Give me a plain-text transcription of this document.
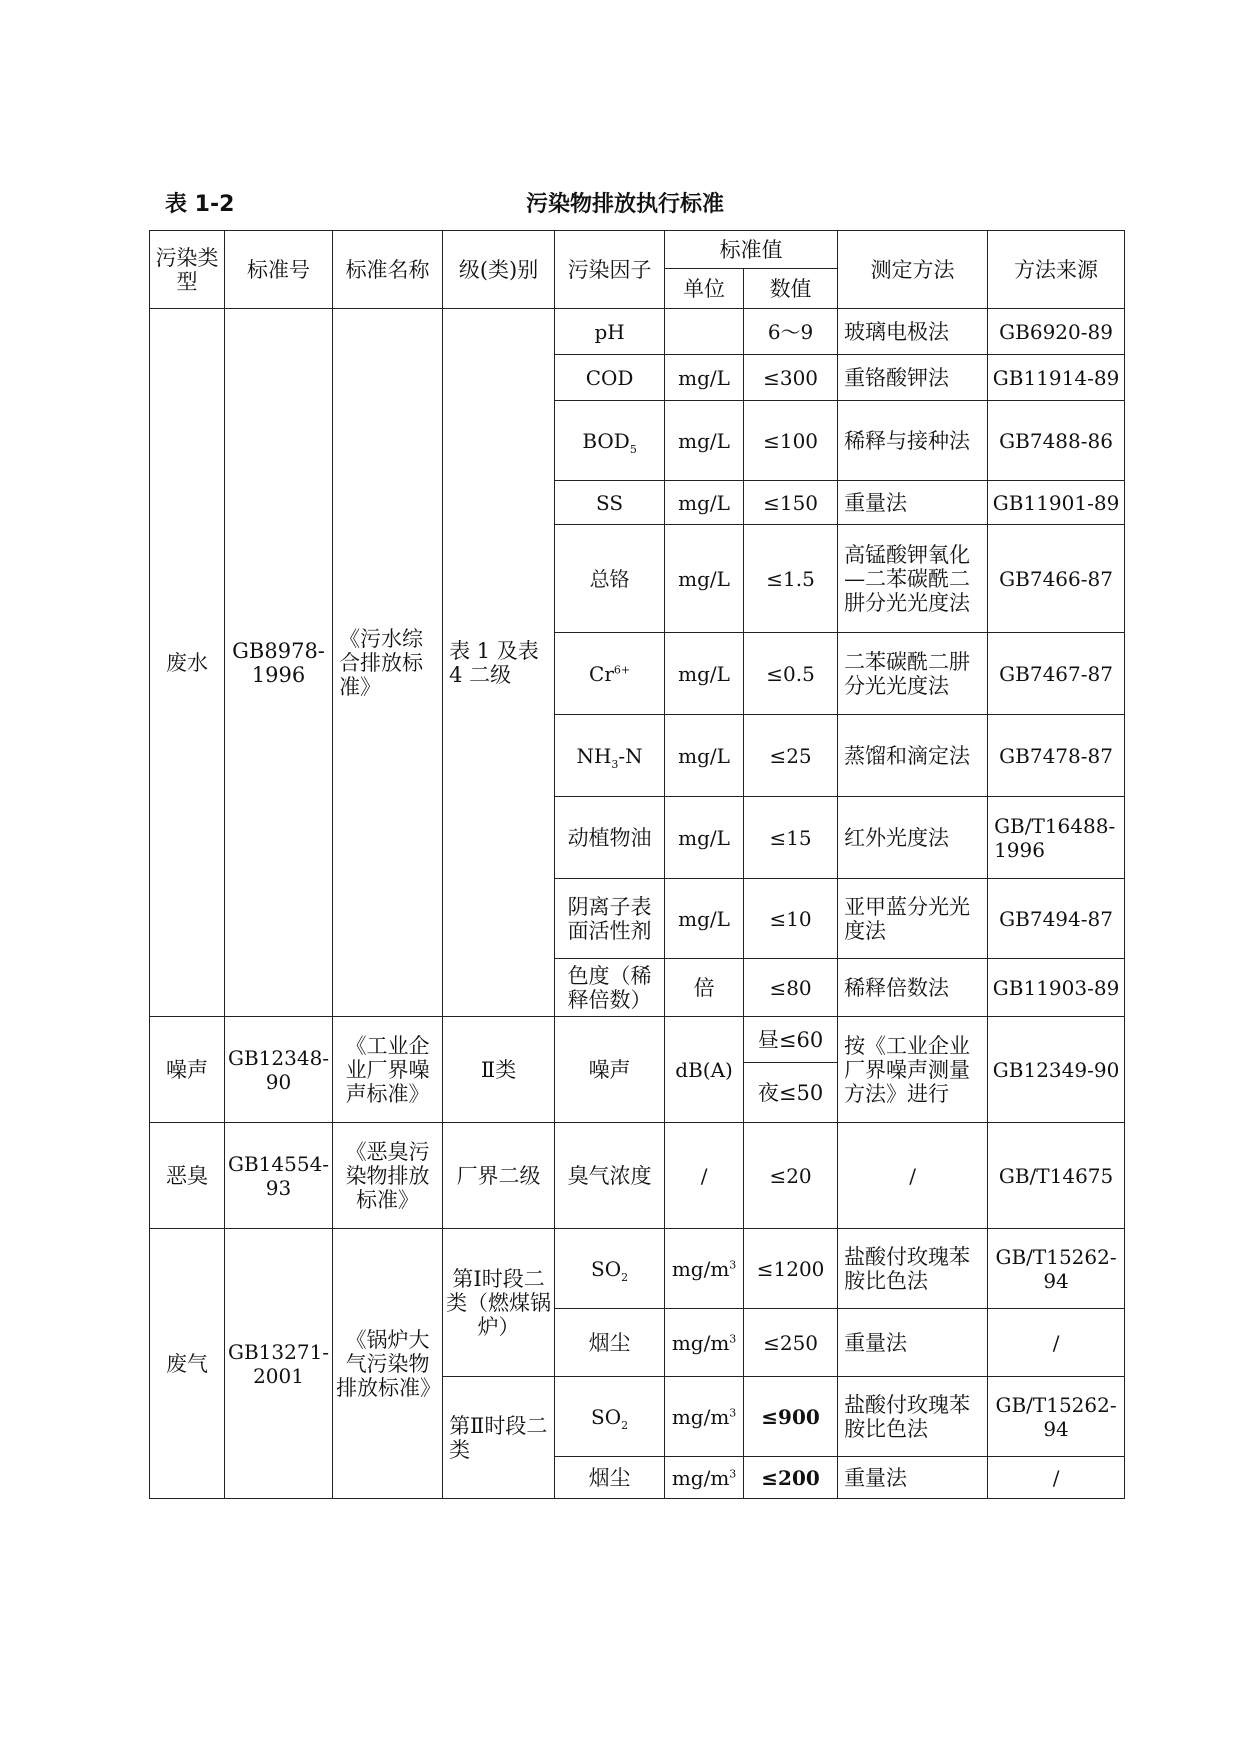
表 1-2	污染物排放执行标准
污染类型	标准号	标准名称	级(类)别	污染因子	标准值		测定方法	方法来源
					单位	数值		
废水	GB8978-1996	《污水综合排放标准》	表 1 及表 4 二级	pH		6～9	玻璃电极法	GB6920-89
				COD	mg/L	≤300	重铬酸钾法	GB11914-89
				$BOD_5$	mg/L	≤100	稀释与接种法	GB7488-86
				SS	mg/L	≤150	重量法	GB11901-89
				总铬	mg/L	≤1.5	高锰酸钾氧化—二苯碳酰二肼分光光度法	GB7466-87
				$Cr^{6+}$	mg/L	≤0.5	二苯碳酰二肼分光光度法	GB7467-87
				$NH_3-N$	mg/L	≤25	蒸馏和滴定法	GB7478-87
				动植物油	mg/L	≤15	红外光度法	GB/T16488-1996
				阴离子表面活性剂	mg/L	≤10	亚甲蓝分光光度法	GB7494-87
				色度（稀释倍数）	倍	≤80	稀释倍数法	GB11903-89
噪声	GB12348-90	《工业企业厂界噪声标准》	Ⅱ类	噪声	dB(A)	昼≤60	按《工业企业厂界噪声测量方法》进行	GB12349-90
						夜≤50		
恶臭	GB14554-93	《恶臭污染物排放标准》	厂界二级	臭气浓度	/	≤20	/	GB/T14675
废气	GB13271-2001	《锅炉大气污染物排放标准》	第Ⅰ时段二类（燃煤锅炉）	$SO_2$	$mg/m^3$	≤1200	盐酸付玫瑰苯胺比色法	GB/T15262-94
				烟尘	$mg/m^3$	≤250	重量法	/
			第Ⅱ时段二类	$SO_2$	$mg/m^3$	≤900	盐酸付玫瑰苯胺比色法	GB/T15262-94
				烟尘	$mg/m^3$	≤200	重量法	/
